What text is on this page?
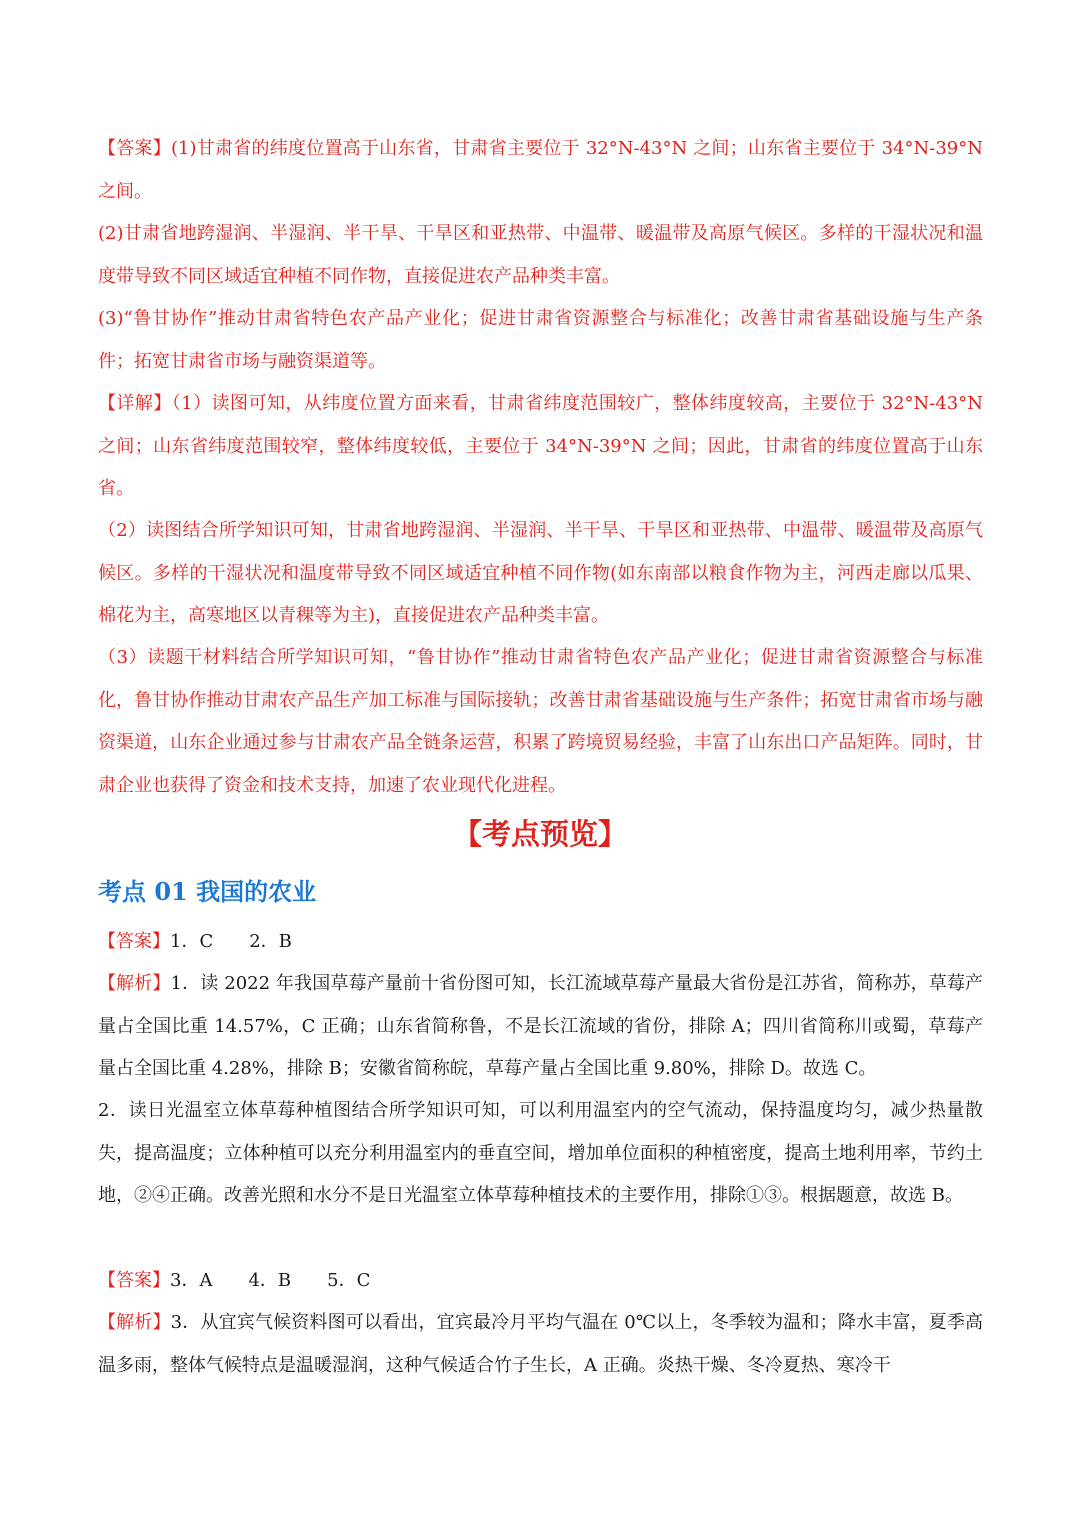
【答案】(1)甘肃省的纬度位置高于山东省，甘肃省主要位于 32°N-43°N 之间；山东省主要位于 34°N-39°N 之间。

(2)甘肃省地跨湿润、半湿润、半干旱、干旱区和亚热带、中温带、暖温带及高原气候区。多样的干湿状况和温度带导致不同区域适宜种植不同作物，直接促进农产品种类丰富。

(3)“鲁甘协作”推动甘肃省特色农产品产业化；促进甘肃省资源整合与标准化；改善甘肃省基础设施与生产条件；拓宽甘肃省市场与融资渠道等。

【详解】（1）读图可知，从纬度位置方面来看，甘肃省纬度范围较广，整体纬度较高，主要位于 32°N-43°N 之间；山东省纬度范围较窄，整体纬度较低，主要位于 34°N-39°N 之间；因此，甘肃省的纬度位置高于山东省。

（2）读图结合所学知识可知，甘肃省地跨湿润、半湿润、半干旱、干旱区和亚热带、中温带、暖温带及高原气候区。多样的干湿状况和温度带导致不同区域适宜种植不同作物(如东南部以粮食作物为主，河西走廊以瓜果、棉花为主，高寒地区以青稞等为主)，直接促进农产品种类丰富。

（3）读题干材料结合所学知识可知，“鲁甘协作”推动甘肃省特色农产品产业化；促进甘肃省资源整合与标准化，鲁甘协作推动甘肃农产品生产加工标准与国际接轨；改善甘肃省基础设施与生产条件；拓宽甘肃省市场与融资渠道，山东企业通过参与甘肃农产品全链条运营，积累了跨境贸易经验，丰富了山东出口产品矩阵。同时，甘肃企业也获得了资金和技术支持，加速了农业现代化进程。

【考点预览】
考点 01 我国的农业

【答案】1．C　　2．B

【解析】1．读 2022 年我国草莓产量前十省份图可知，长江流域草莓产量最大省份是江苏省，简称苏，草莓产量占全国比重 14.57%，C 正确；山东省简称鲁，不是长江流域的省份，排除 A；四川省简称川或蜀，草莓产量占全国比重 4.28%，排除 B；安徽省简称皖，草莓产量占全国比重 9.80%，排除 D。故选 C。

2．读日光温室立体草莓种植图结合所学知识可知，可以利用温室内的空气流动，保持温度均匀，减少热量散失，提高温度；立体种植可以充分利用温室内的垂直空间，增加单位面积的种植密度，提高土地利用率，节约土地，②④正确。改善光照和水分不是日光温室立体草莓种植技术的主要作用，排除①③。根据题意，故选 B。

【答案】3．A　　4．B　　5．C

【解析】3．从宜宾气候资料图可以看出，宜宾最冷月平均气温在 0℃以上，冬季较为温和；降水丰富，夏季高温多雨，整体气候特点是温暖湿润，这种气候适合竹子生长，A 正确。炎热干燥、冬冷夏热、寒冷干
